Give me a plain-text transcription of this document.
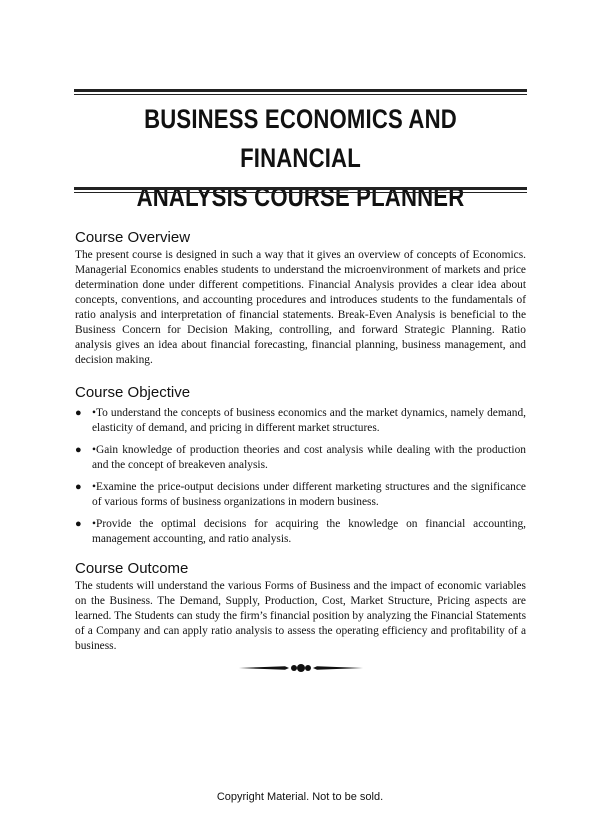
BUSINESS ECONOMICS AND FINANCIAL
ANALYSIS COURSE PLANNER
Course Overview

The present course is designed in such a way that it gives an overview of concepts of Economics. Managerial Economics enables students to understand the microenvironment of markets and price determination done under different competitions. Financial Analysis provides a clear idea about concepts, conventions, and accounting procedures and introduces students to the fundamentals of ratio analysis and interpretation of financial statements. Break-Even Analysis is beneficial to the Business Concern for Decision Making, controlling, and forward Strategic Planning. Ratio analysis gives an idea about financial forecasting, financial planning, business management, and decision making.

Course Objective
● •To understand the concepts of business economics and the market dynamics, namely demand, elasticity of demand, and pricing in different market structures.
● •Gain knowledge of production theories and cost analysis while dealing with the production and the concept of breakeven analysis.
● •Examine the price-output decisions under different marketing structures and the significance of various forms of business organizations in modern business.
● •Provide the optimal decisions for acquiring the knowledge on financial accounting, management accounting, and ratio analysis.
Course Outcome

The students will understand the various Forms of Business and the impact of economic variables on the Business. The Demand, Supply, Production, Cost, Market Structure, Pricing aspects are learned. The Students can study the firm’s financial position by analyzing the Financial Statements of a Company and can apply ratio analysis to assess the operating efficiency and profitability of a business.

Copyright Material. Not to be sold.
